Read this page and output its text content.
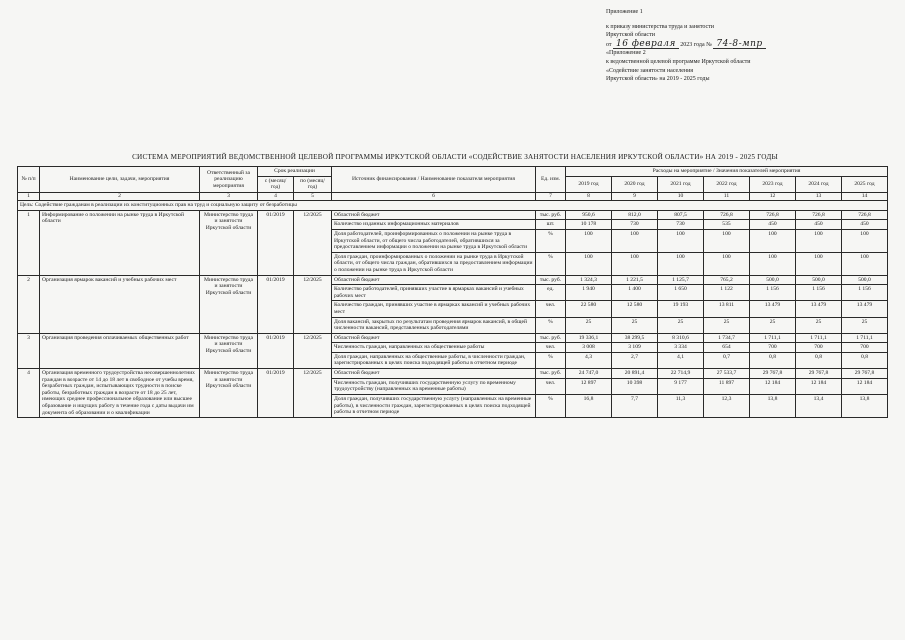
Приложение 1
к приказу министерства труда и занятости
Иркутской области
от 16 февраля 2023 года № 74-8-мпр
«Приложение 2
к ведомственной целевой программе Иркутской области
«Содействие занятости населения
Иркутской области» на 2019 - 2025 годы
СИСТЕМА МЕРОПРИЯТИЙ ВЕДОМСТВЕННОЙ ЦЕЛЕВОЙ ПРОГРАММЫ ИРКУТСКОЙ ОБЛАСТИ «СОДЕЙСТВИЕ ЗАНЯТОСТИ НАСЕЛЕНИЯ ИРКУТСКОЙ ОБЛАСТИ» НА 2019 - 2025 ГОДЫ
№ п/п	Наименование цели, задачи, мероприятия	Ответственный за реализацию мероприятия	Срок реализации		Источник финансирования / Наименование показателя мероприятия	Ед. изм.	Расходы на мероприятие / Значения показателей мероприятия						
			с (месяц/ год)	по (месяц/ год)			2019 год	2020 год	2021 год	2022 год	2023 год	2024 год	2025 год
1	2	3	4	5	6	7	8	9	10	11	12	13	14
Цель: Содействие гражданам в реализации их конституционных прав на труд и социальную защиту от безработицы													
1	Информирование о положении на рынке труда в Иркутской области	Министерство труда и занятости Иркутской области	01/2019	12/2025	Областной бюджет	тыс. руб.	950,6	812,0	807,5	726,8	726,8	726,8	726,8
					Количество изданных информационных материалов	шт.	10 178	730	730	535	450	450	450
					Доля работодателей, проинформированных о положении на рынке труда в Иркутской области, от общего числа работодателей, обратившихся за предоставлением информации о положении на рынке труда в Иркутской области	%	100	100	100	100	100	100	100
					Доля граждан, проинформированных о положении на рынке труда в Иркутской области, от общего числа граждан, обратившихся за предоставлением информации о положении на рынке труда в Иркутской области	%	100	100	100	100	100	100	100
2	Организация ярмарок вакансий и учебных рабочих мест	Министерство труда и занятости Иркутской области	01/2019	12/2025	Областной бюджет	тыс. руб.	1 324,3	1 221,5	1 125,7	765,2	500,0	500,0	500,0
					Количество работодателей, принявших участие в ярмарках вакансий и учебных рабочих мест	ед.	1 940	1 400	1 650	1 122	1 156	1 156	1 156
					Количество граждан, принявших участие в ярмарках вакансий и учебных рабочих мест	чел.	22 580	12 580	19 193	13 811	13 479	13 479	13 479
					Доля вакансий, закрытых по результатам проведения ярмарок вакансий, в общей численности вакансий, представленных работодателями	%	25	25	25	25	25	25	25
3	Организация проведения оплачиваемых общественных работ	Министерство труда и занятости Иркутской области	01/2019	12/2025	Областной бюджет	тыс. руб.	19 336,1	38 299,5	8 310,6	1 734,7	1 711,1	1 711,1	1 711,1
					Численность граждан, направленных на общественные работы	чел.	3 008	3 109	3 334	654	700	700	700
					Доля граждан, направленных на общественные работы, в численности граждан, зарегистрированных в целях поиска подходящей работы в отчетном периоде	%	4,3	2,7	4,1	0,7	0,8	0,8	0,8
4	Организация временного трудоустройства несовершеннолетних граждан в возрасте от 14 до 18 лет в свободное от учебы время, безработных граждан, испытывающих трудности в поиске работы, безработных граждан в возрасте от 18 до 25 лет, имеющих среднее профессиональное образование или высшее образование и ищущих работу в течение года с даты выдачи им документа об образовании и о квалификации	Министерство труда и занятости Иркутской области	01/2019	12/2025	Областной бюджет	тыс. руб.	24 747,0	20 891,4	22 714,9	27 533,7	29 767,8	29 767,8	29 767,8
					Численность граждан, получивших государственную услугу по временному трудоустройству (направленных на временные работы)	чел.	12 897	10 398	9 177	11 897	12 184	12 184	12 184
					Доля граждан, получивших государственную услугу (направленных на временные работы), в численности граждан, зарегистрированных в целях поиска подходящей работы в отчетном периоде	%	16,8	7,7	11,3	12,3	13,8	13,4	13,8
